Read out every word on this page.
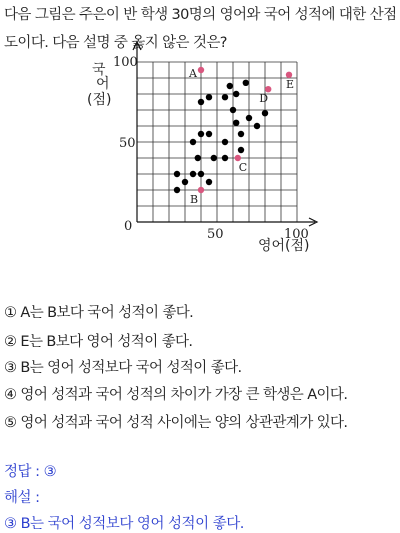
다음 그림은 주은이 반 학생 30명의 영어와 국어 성적에 대한 산점
도이다. 다음 설명 중 옳지 않은 것은?
0
50	100
100
50
국
어
(점)
영어(점)
A
B
C
D
E
① A는 B보다 국어 성적이 좋다.
② E는 B보다 영어 성적이 좋다.
③ B는 영어 성적보다 국어 성적이 좋다.
④ 영어 성적과 국어 성적의 차이가 가장 큰 학생은 A이다.
⑤ 영어 성적과 국어 성적 사이에는 양의 상관관계가 있다.
정답 : ③
해설 :
③ B는 국어 성적보다 영어 성적이 좋다.
